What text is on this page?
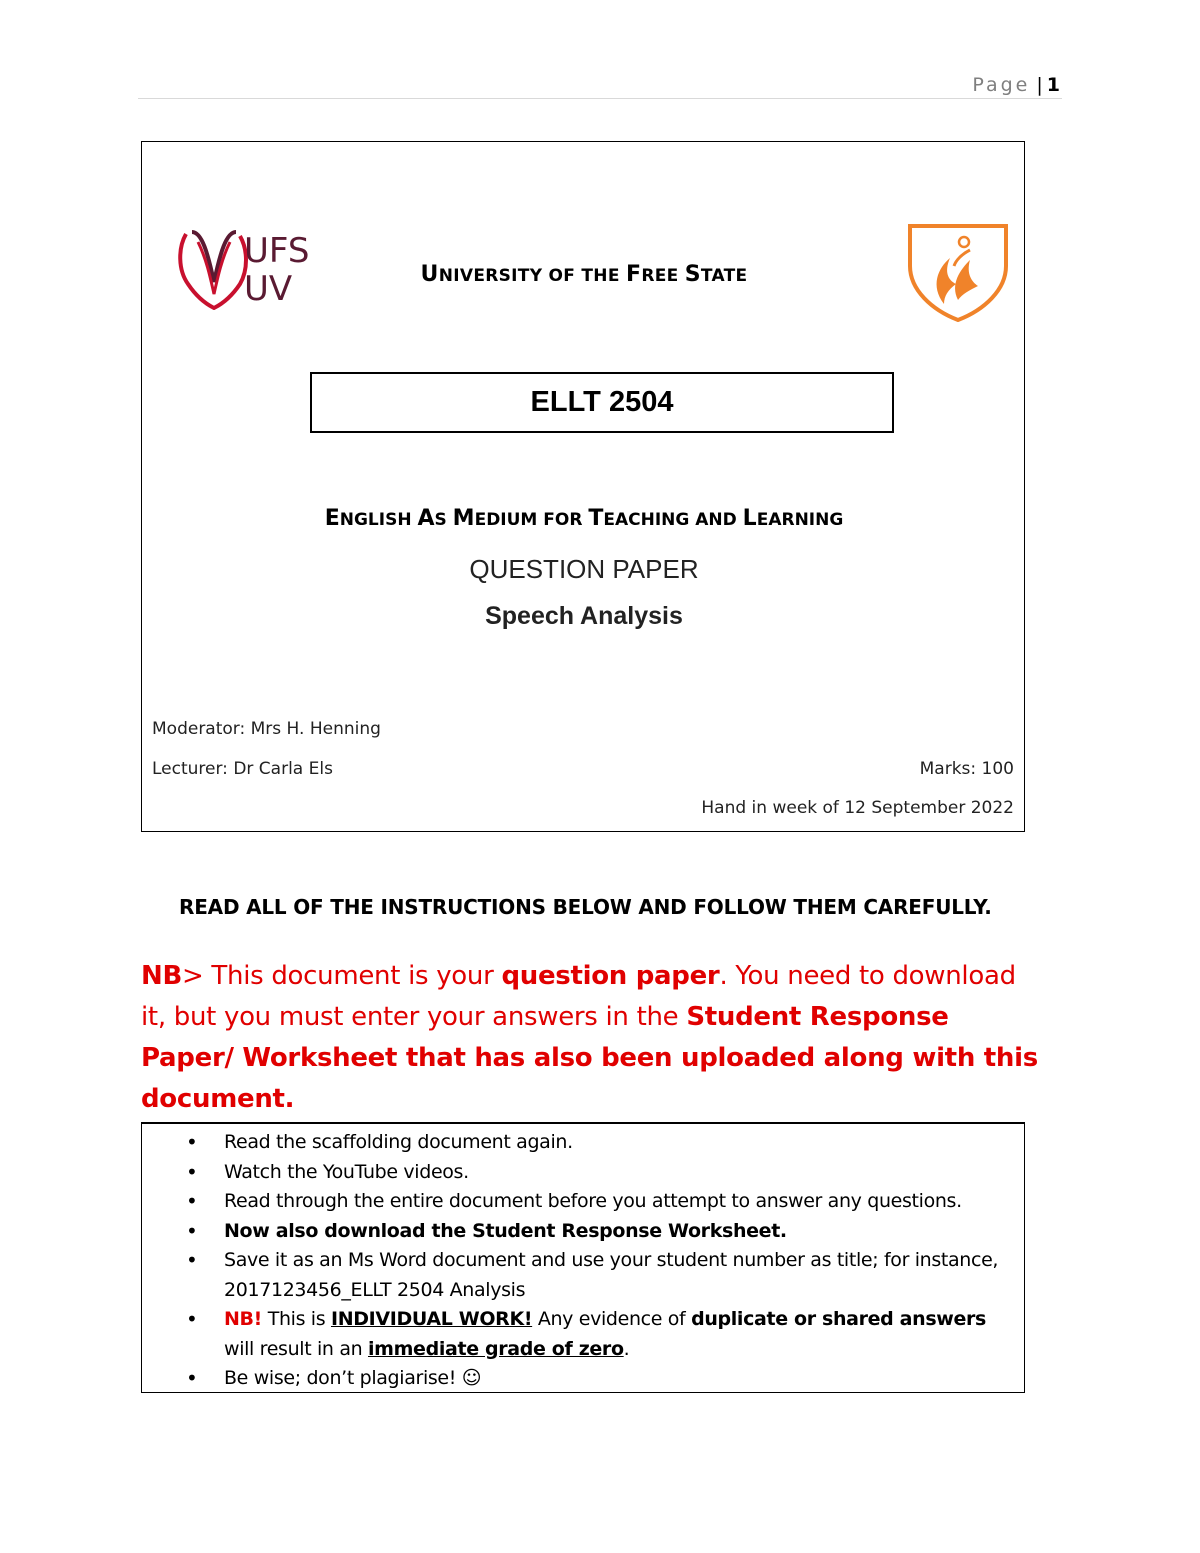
Page | 1
UFS
UV	UNIVERSITY OF THE FREE STATE
ELLT 2504
ENGLISH AS MEDIUM FOR TEACHING AND LEARNING
QUESTION PAPER
Speech Analysis
Moderator: Mrs H. Henning
Lecturer: Dr Carla Els	Marks: 100
Hand in week of 12 September 2022
READ ALL OF THE INSTRUCTIONS BELOW AND FOLLOW THEM CAREFULLY.
NB> This document is your question paper. You need to download it, but you must enter your answers in the Student Response Paper/ Worksheet that has also been uploaded along with this document.
• Read the scaffolding document again.
• Watch the YouTube videos.
• Read through the entire document before you attempt to answer any questions.
• Now also download the Student Response Worksheet.
• Save it as an Ms Word document and use your student number as title; for instance, 2017123456_ELLT 2504 Analysis
• NB! This is INDIVIDUAL WORK! Any evidence of duplicate or shared answers will result in an immediate grade of zero.
• Be wise; don’t plagiarise! ☺
